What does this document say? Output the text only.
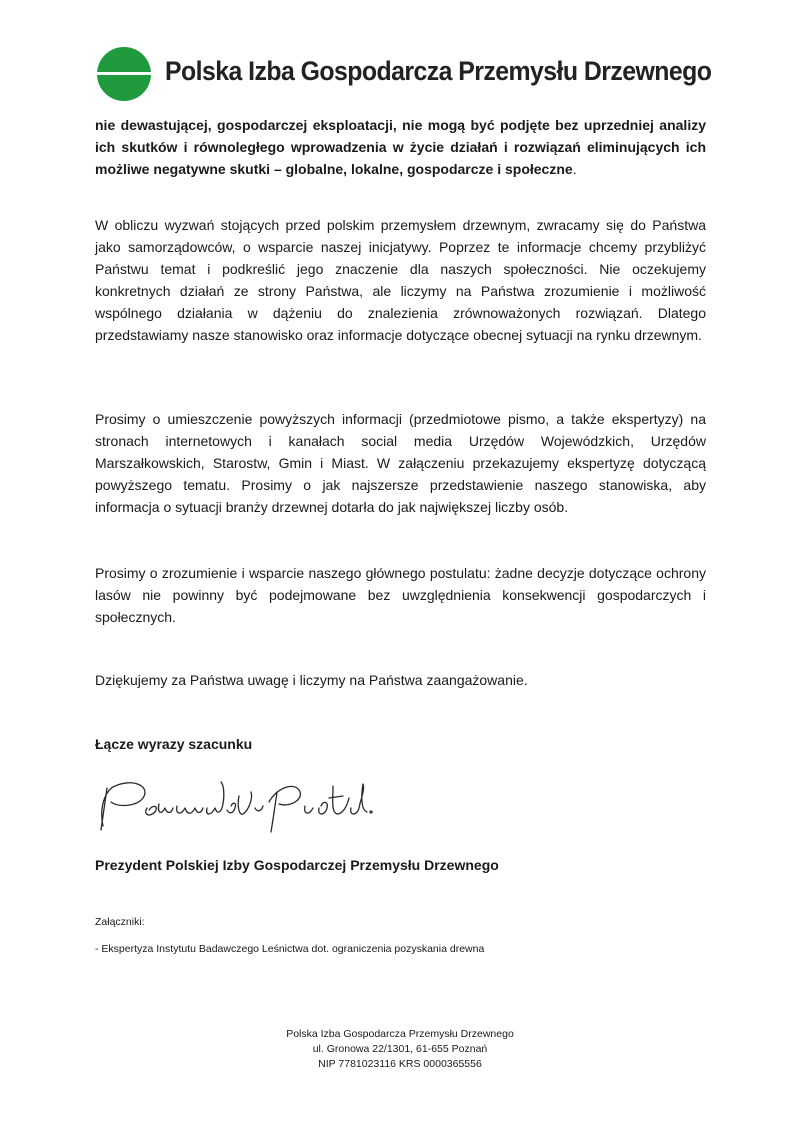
Polska Izba Gospodarcza Przemysłu Drzewnego

nie dewastującej, gospodarczej eksploatacji, nie mogą być podjęte bez uprzedniej analizy ich skutków i równoległego wprowadzenia w życie działań i rozwiązań eliminujących ich możliwe negatywne skutki – globalne, lokalne, gospodarcze i społeczne.

W obliczu wyzwań stojących przed polskim przemysłem drzewnym, zwracamy się do Państwa jako samorządowców, o wsparcie naszej inicjatywy. Poprzez te informacje chcemy przybliżyć Państwu temat i podkreślić jego znaczenie dla naszych społeczności. Nie oczekujemy konkretnych działań ze strony Państwa, ale liczymy na Państwa zrozumienie i możliwość wspólnego działania w dążeniu do znalezienia zrównoważonych rozwiązań. Dlatego przedstawiamy nasze stanowisko oraz informacje dotyczące obecnej sytuacji na rynku drzewnym.

Prosimy o umieszczenie powyższych informacji (przedmiotowe pismo, a także ekspertyzy) na stronach internetowych i kanałach social media Urzędów Wojewódzkich, Urzędów Marszałkowskich, Starostw, Gmin i Miast. W załączeniu przekazujemy ekspertyzę dotyczącą powyższego tematu. Prosimy o jak najszersze przedstawienie naszego stanowiska, aby informacja o sytuacji branży drzewnej dotarła do jak największej liczby osób.

Prosimy o zrozumienie i wsparcie naszego głównego postulatu: żadne decyzje dotyczące ochrony lasów nie powinny być podejmowane bez uwzględnienia konsekwencji gospodarczych i społecznych.

Dziękujemy za Państwa uwagę i liczymy na Państwa zaangażowanie.

Łącze wyrazy szacunku

Prezydent Polskiej Izby Gospodarczej Przemysłu Drzewnego

Załączniki:
- Ekspertyza Instytutu Badawczego Leśnictwa dot. ograniczenia pozyskania drewna
Polska Izba Gospodarcza Przemysłu Drzewnego
ul. Gronowa 22/1301, 61-655 Poznań
NIP 7781023116 KRS 0000365556
